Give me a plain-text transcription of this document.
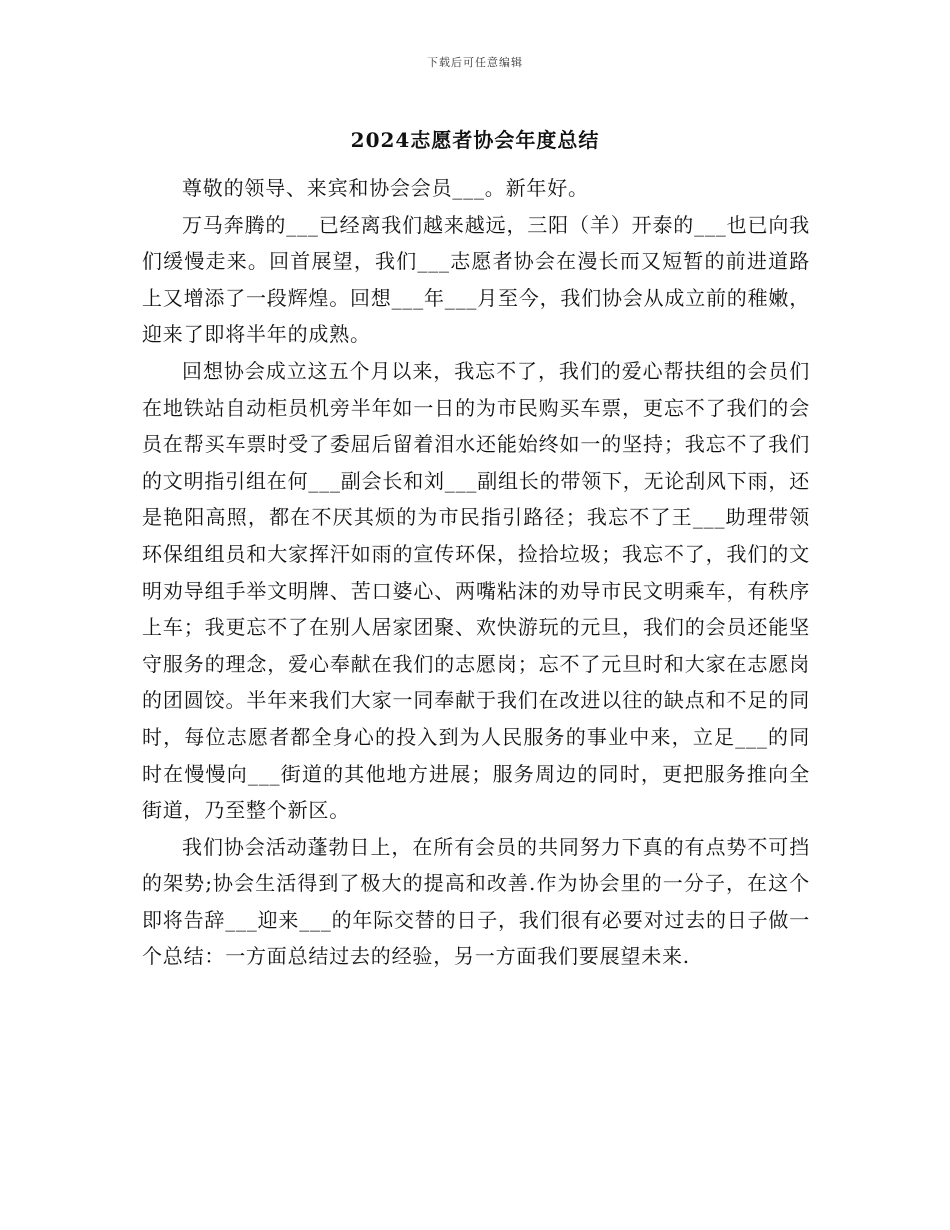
下载后可任意编辑
2024志愿者协会年度总结

尊敬的领导、来宾和协会会员___。新年好。

万马奔腾的___已经离我们越来越远，三阳（羊）开泰的___也已向我们缓慢走来。回首展望，我们___志愿者协会在漫长而又短暂的前进道路上又增添了一段辉煌。回想___年___月至今，我们协会从成立前的稚嫩，迎来了即将半年的成熟。

回想协会成立这五个月以来，我忘不了，我们的爱心帮扶组的会员们在地铁站自动柜员机旁半年如一日的为市民购买车票，更忘不了我们的会员在帮买车票时受了委屈后留着泪水还能始终如一的坚持；我忘不了我们的文明指引组在何___副会长和刘___副组长的带领下，无论刮风下雨，还是艳阳高照，都在不厌其烦的为市民指引路径；我忘不了王___助理带领环保组组员和大家挥汗如雨的宣传环保，捡拾垃圾；我忘不了，我们的文明劝导组手举文明牌、苦口婆心、两嘴粘沫的劝导市民文明乘车，有秩序上车；我更忘不了在别人居家团聚、欢快游玩的元旦，我们的会员还能坚守服务的理念，爱心奉献在我们的志愿岗；忘不了元旦时和大家在志愿岗的团圆饺。半年来我们大家一同奉献于我们在改进以往的缺点和不足的同时，每位志愿者都全身心的投入到为人民服务的事业中来，立足___的同时在慢慢向___街道的其他地方进展；服务周边的同时，更把服务推向全街道，乃至整个新区。

我们协会活动蓬勃日上，在所有会员的共同努力下真的有点势不可挡的架势;协会生活得到了极大的提高和改善.作为协会里的一分子，在这个即将告辞___迎来___的年际交替的日子，我们很有必要对过去的日子做一个总结：一方面总结过去的经验，另一方面我们要展望未来.
